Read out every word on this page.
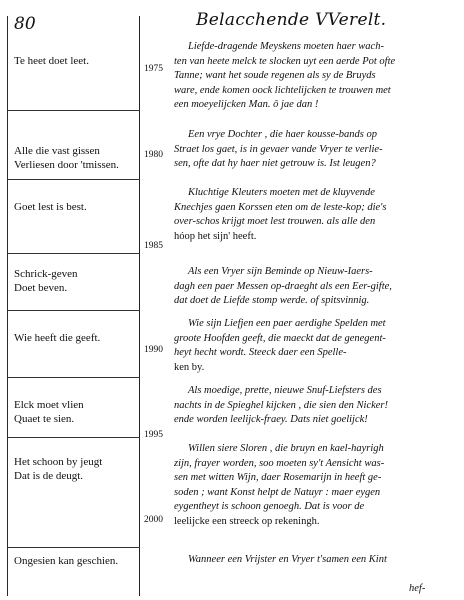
80	Belacchende VVerelt.
Te heet doet leet.
1975
Liefde-dragende Meyskens moeten haer wach-
ten van heete melck te slocken uyt een aerde Pot ofte
Tanne; want het soude regenen als sy de Bruyds
ware, ende komen oock lichtelijcken te trouwen met
een moeyelijcken Man. ô jae dan !
Alle die vast gissen
Verliesen door 'tmissen.
1980
Een vrye Dochter , die haer kousse-bands op
Straet los gaet, is in gevaer vande Vryer te verlie-
sen, ofte dat hy haer niet getrouw is. Ist leugen?
Goet lest is best.
1985
Kluchtige Kleuters moeten met de kluyvende
Knechjes gaen Korssen eten om de leste-kop; die's
over-schos krijgt moet lest trouwen. als alle den
hóop het sijn' heeft.
Schrick-geven
Doet beven.
Als een Vryer sijn Beminde op Nieuw-Iaers-
dagh een paer Messen op-draeght als een Eer-gifte,
dat doet de Liefde stomp werde. of spitsvinnig.
Wie heeft die geeft.
1990
Wie sijn Liefjen een paer aerdighe Spelden met
groote Hoofden geeft, die maeckt dat de genegent-
heyt hecht wordt. Steeck daer een Spelle-
ken by.
Elck moet vlien
Quaet te sien.
1995
Als moedige, prette, nieuwe Snuf-Liefsters des
nachts in de Spieghel kijcken , die sien den Nicker!
ende worden leelijck-fraey. Dats niet goelijck!
Het schoon by jeugt
Dat is de deugt.
2000
Willen siere Sloren , die bruyn en kael-hayrigh
zijn, frayer worden, soo moeten sy't Aensicht was-
sen met witten Wijn, daer Rosemarijn in heeft ge-
soden ; want Konst helpt de Natuyr : maer eygen
eygentheyt is schoon genoegh. Dat is voor de
leelijcke een streeck op rekeningh.
Ongesien kan geschien.	Wanneer een Vrijster en Vryer t'samen een Kint
hef-
